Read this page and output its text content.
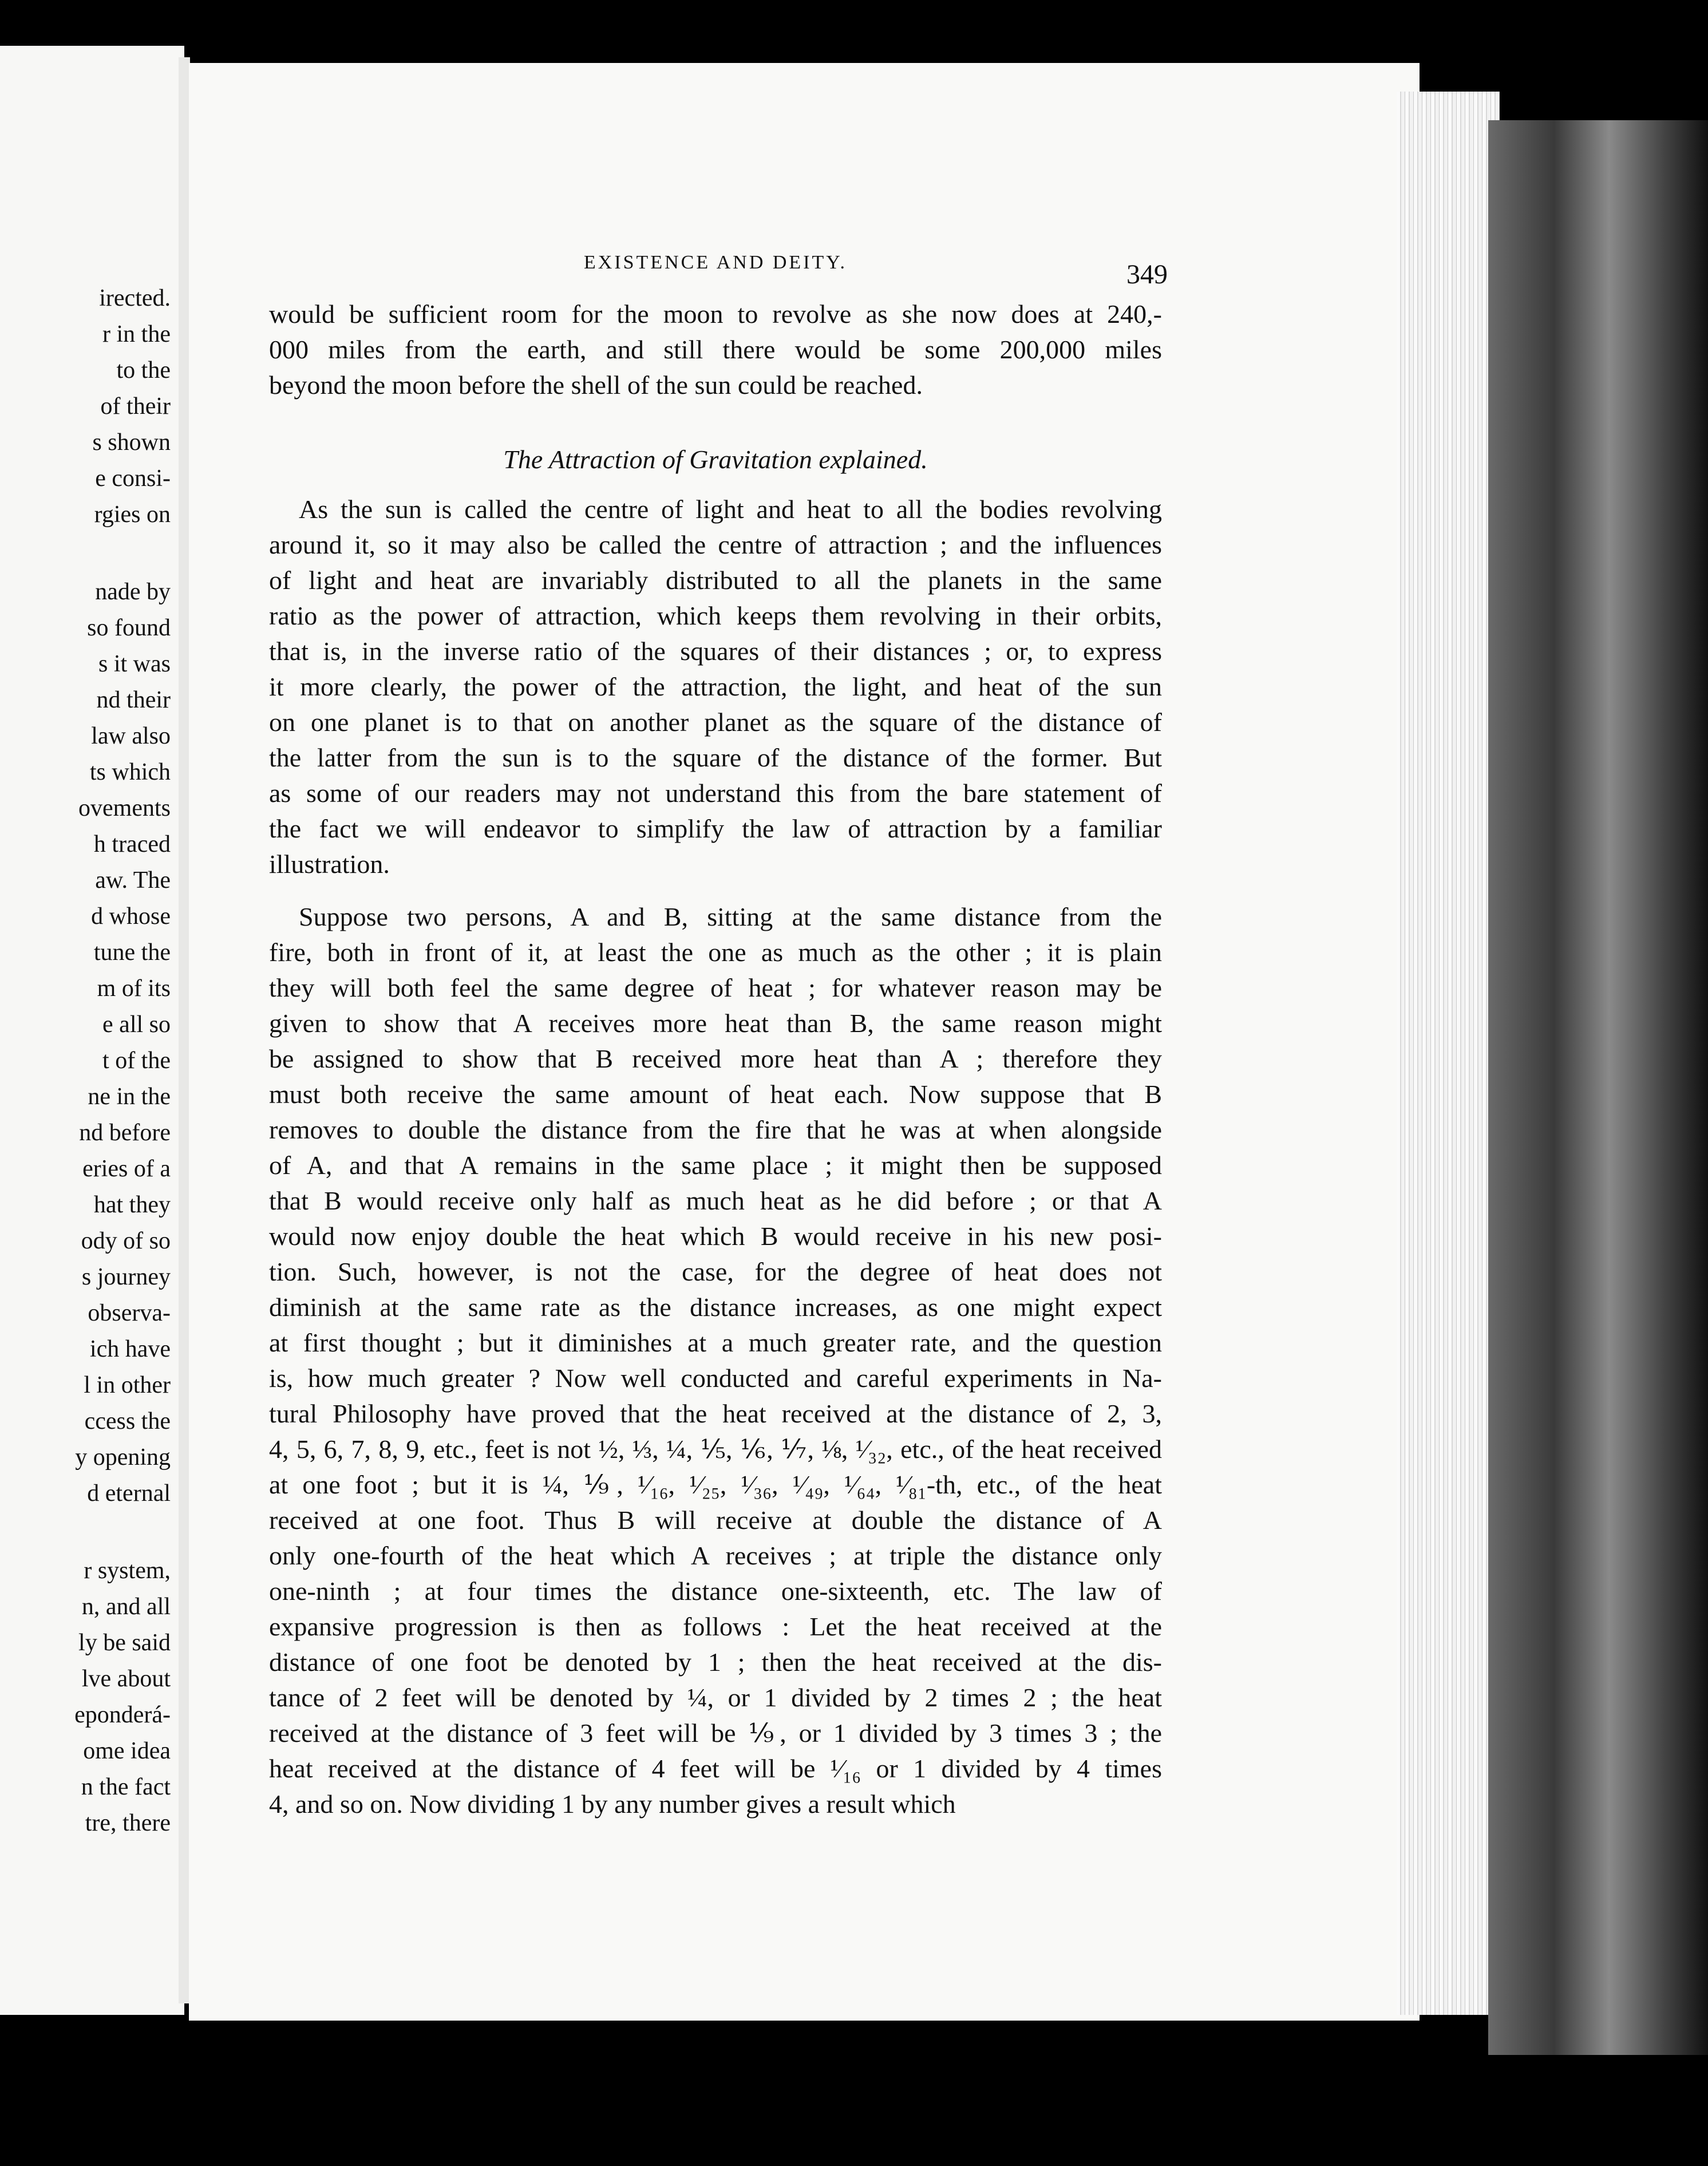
irected.
r in the
to the
of their
s shown
e consi-
rgies on
nade by
so found
s it was
nd their
law also
ts which
ovements
h traced
aw. The
d whose
tune the
m of its
e all so
t of the
ne in the
nd before
eries of a
hat they
ody of so
s journey
observa-
ich have
l in other
ccess the
y opening
d eternal
r system,
n, and all
ly be said
lve about
eponderá-
ome idea
n the fact
tre, there
EXISTENCE AND DEITY.	349
would be sufficient room for the moon to revolve as she now does at 240,-
000 miles from the earth, and still there would be some 200,000 miles
beyond the moon before the shell of the sun could be reached.
The Attraction of Gravitation explained.
As the sun is called the centre of light and heat to all the bodies revolving
around it, so it may also be called the centre of attraction ; and the influences
of light and heat are invariably distributed to all the planets in the same
ratio as the power of attraction, which keeps them revolving in their orbits,
that is, in the inverse ratio of the squares of their distances ; or, to express
it more clearly, the power of the attraction, the light, and heat of the sun
on one planet is to that on another planet as the square of the distance of
the latter from the sun is to the square of the distance of the former. But
as some of our readers may not understand this from the bare statement of
the fact we will endeavor to simplify the law of attraction by a familiar
illustration.
Suppose two persons, A and B, sitting at the same distance from the
fire, both in front of it, at least the one as much as the other ; it is plain
they will both feel the same degree of heat ; for whatever reason may be
given to show that A receives more heat than B, the same reason might
be assigned to show that B received more heat than A ; therefore they
must both receive the same amount of heat each. Now suppose that B
removes to double the distance from the fire that he was at when alongside
of A, and that A remains in the same place ; it might then be supposed
that B would receive only half as much heat as he did before ; or that A
would now enjoy double the heat which B would receive in his new posi-
tion. Such, however, is not the case, for the degree of heat does not
diminish at the same rate as the distance increases, as one might expect
at first thought ; but it diminishes at a much greater rate, and the question
is, how much greater ? Now well conducted and careful experiments in Na-
tural Philosophy have proved that the heat received at the distance of 2, 3,
4, 5, 6, 7, 8, 9, etc., feet is not ½, ⅓, ¼, ⅕, ⅙, ⅐, ⅛, ¹⁄₃₂, etc., of the heat received
at one foot ; but it is ¼, ⅑, ¹⁄₁₆, ¹⁄₂₅, ¹⁄₃₆, ¹⁄₄₉, ¹⁄₆₄, ¹⁄₈₁-th, etc., of the heat
received at one foot. Thus B will receive at double the distance of A
only one-fourth of the heat which A receives ; at triple the distance only
one-ninth ; at four times the distance one-sixteenth, etc. The law of
expansive progression is then as follows : Let the heat received at the
distance of one foot be denoted by 1 ; then the heat received at the dis-
tance of 2 feet will be denoted by ¼, or 1 divided by 2 times 2 ; the heat
received at the distance of 3 feet will be ⅑, or 1 divided by 3 times 3 ; the
heat received at the distance of 4 feet will be ¹⁄₁₆ or 1 divided by 4 times
4, and so on. Now dividing 1 by any number gives a result which
